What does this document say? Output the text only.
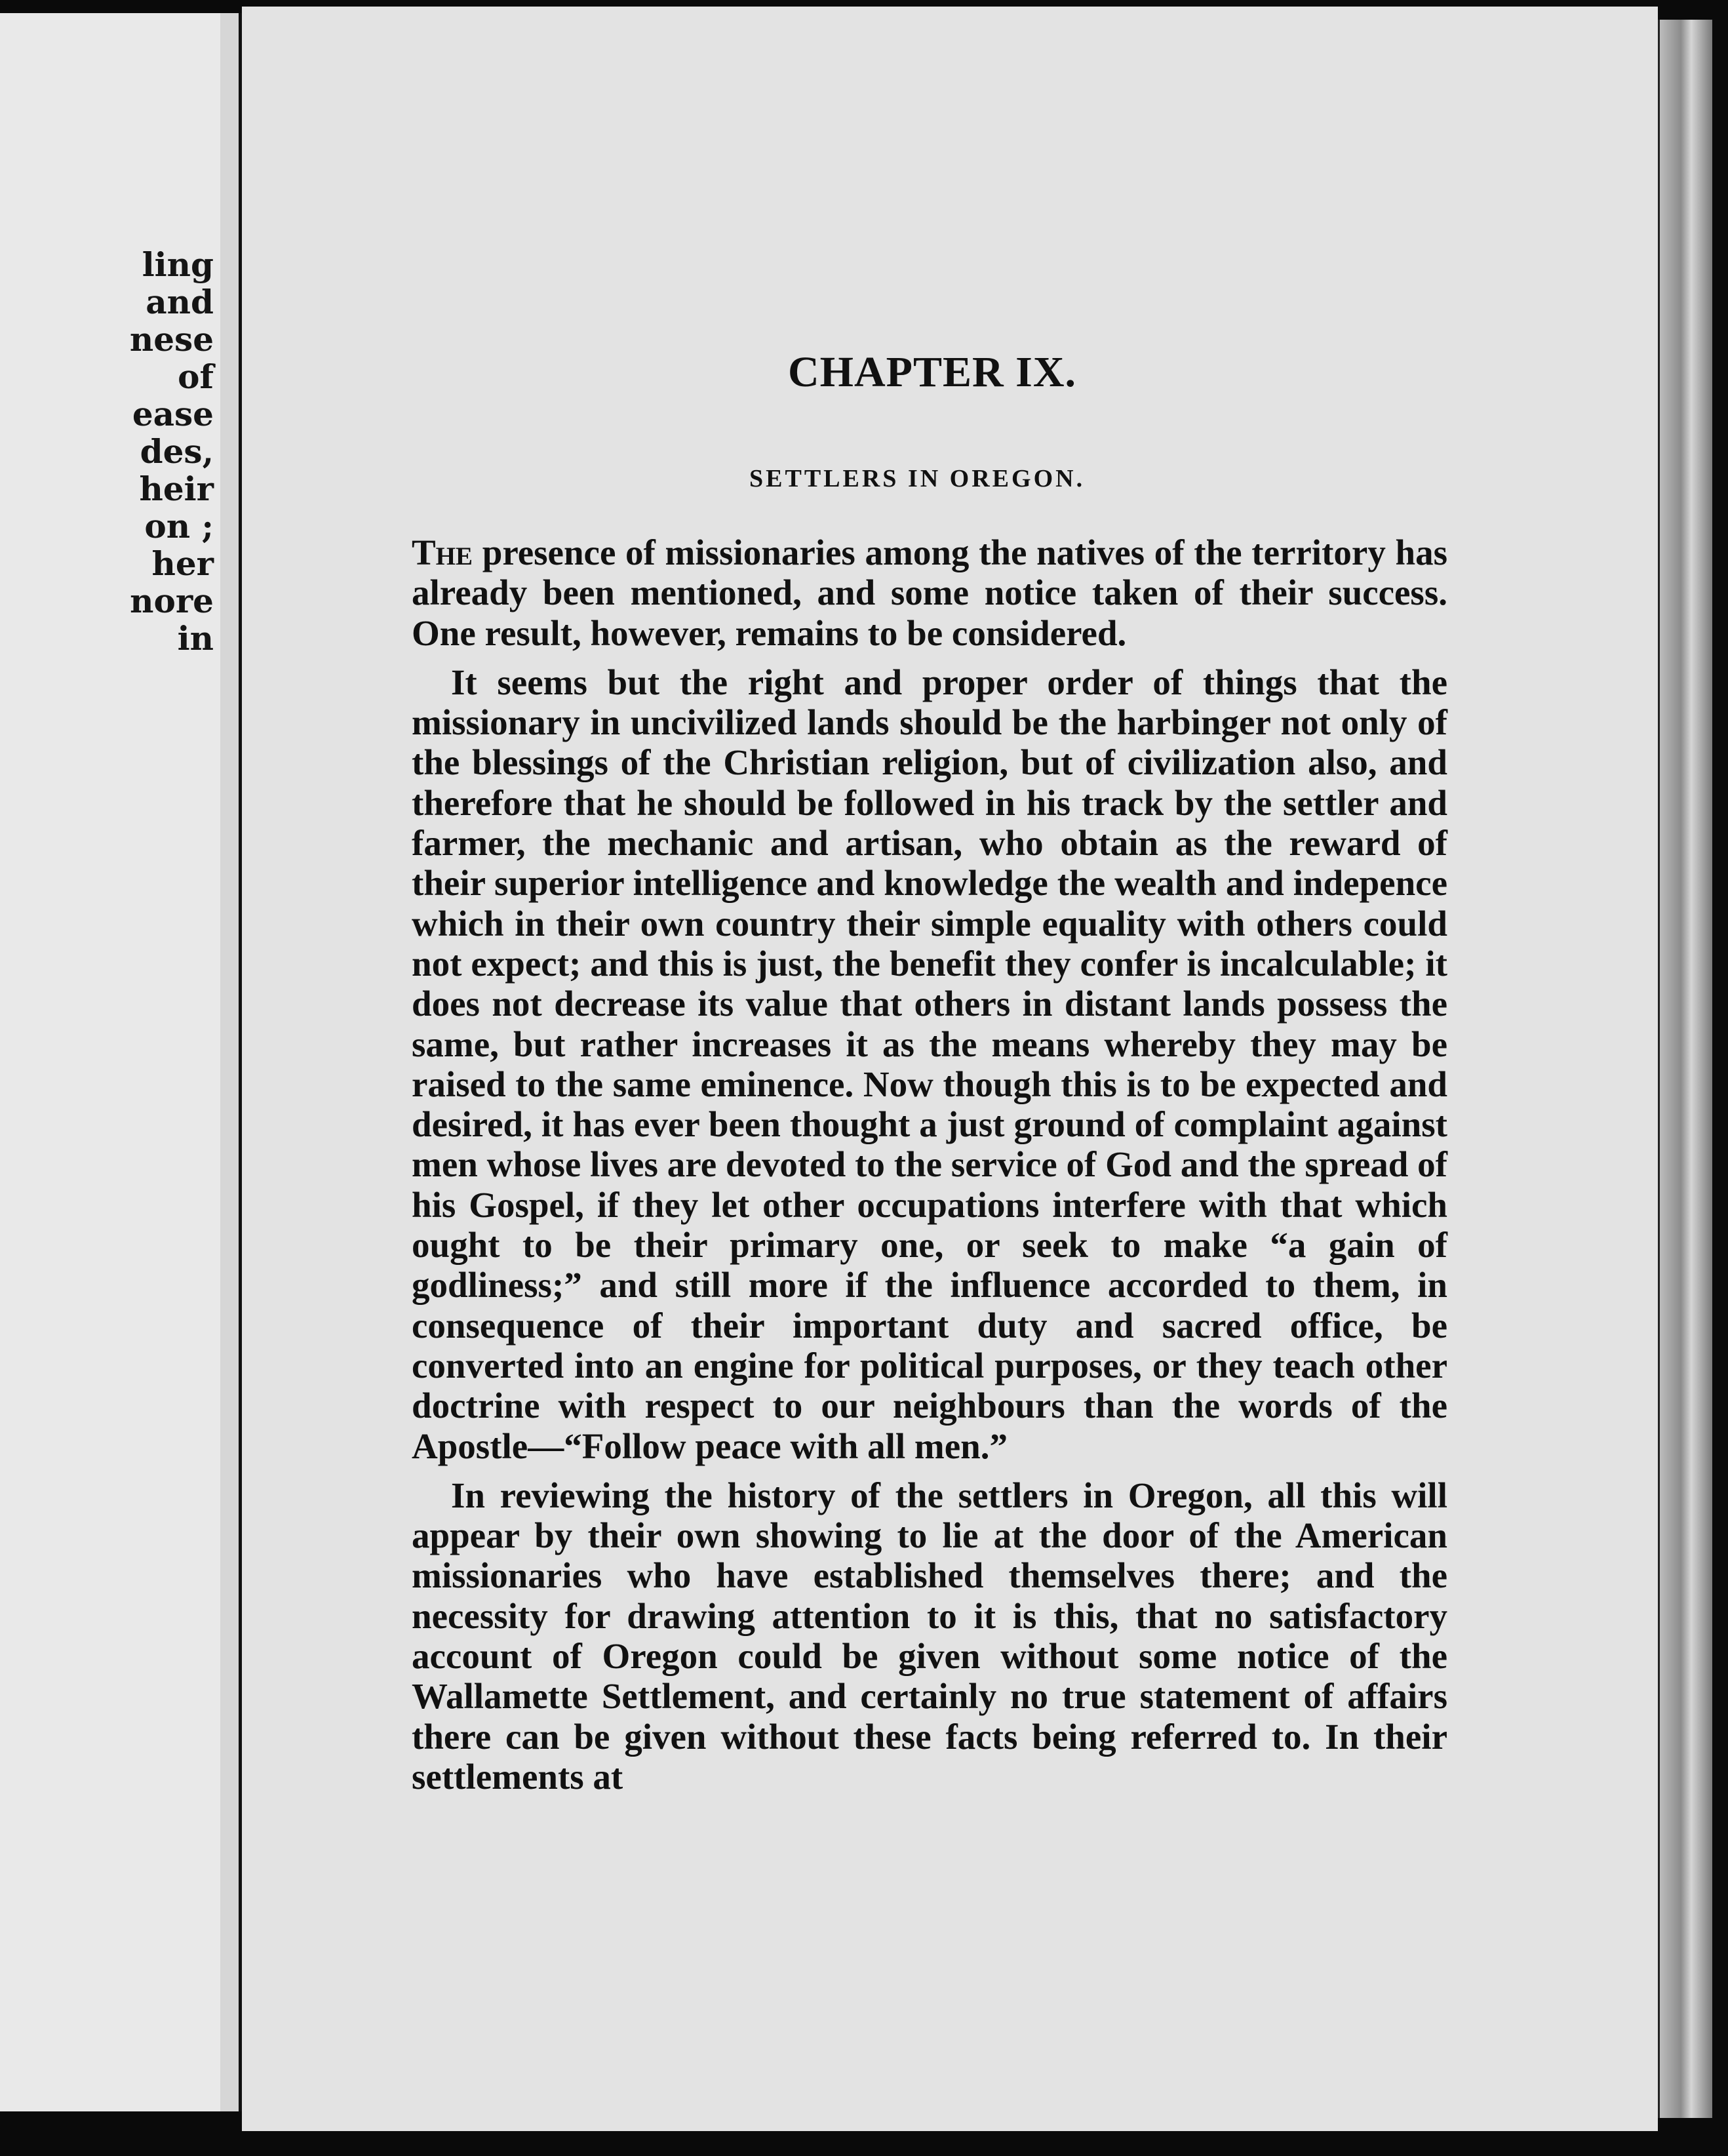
ling
and
nese
of
ease
des,
heir
on ;
her
nore
in
CHAPTER IX.
SETTLERS IN OREGON.

The presence of missionaries among the natives of the territory has already been mentioned, and some notice taken of their success. One result, however, remains to be considered.

It seems but the right and proper order of things that the missionary in uncivilized lands should be the harbinger not only of the blessings of the Christian religion, but of civilization also, and therefore that he should be followed in his track by the settler and farmer, the mechanic and artisan, who obtain as the reward of their superior intelligence and knowledge the wealth and indepence which in their own country their simple equality with others could not expect; and this is just, the benefit they confer is incalculable; it does not decrease its value that others in distant lands possess the same, but rather increases it as the means whereby they may be raised to the same eminence. Now though this is to be expected and desired, it has ever been thought a just ground of complaint against men whose lives are devoted to the service of God and the spread of his Gospel, if they let other occupations interfere with that which ought to be their primary one, or seek to make “a gain of godliness;” and still more if the influence accorded to them, in consequence of their important duty and sacred office, be converted into an engine for political purposes, or they teach other doctrine with respect to our neighbours than the words of the Apostle—“Follow peace with all men.”

In reviewing the history of the settlers in Oregon, all this will appear by their own showing to lie at the door of the American missionaries who have established themselves there; and the necessity for drawing attention to it is this, that no satisfactory account of Oregon could be given without some notice of the Wallamette Settlement, and certainly no true statement of affairs there can be given without these facts being referred to. In their settlements at
